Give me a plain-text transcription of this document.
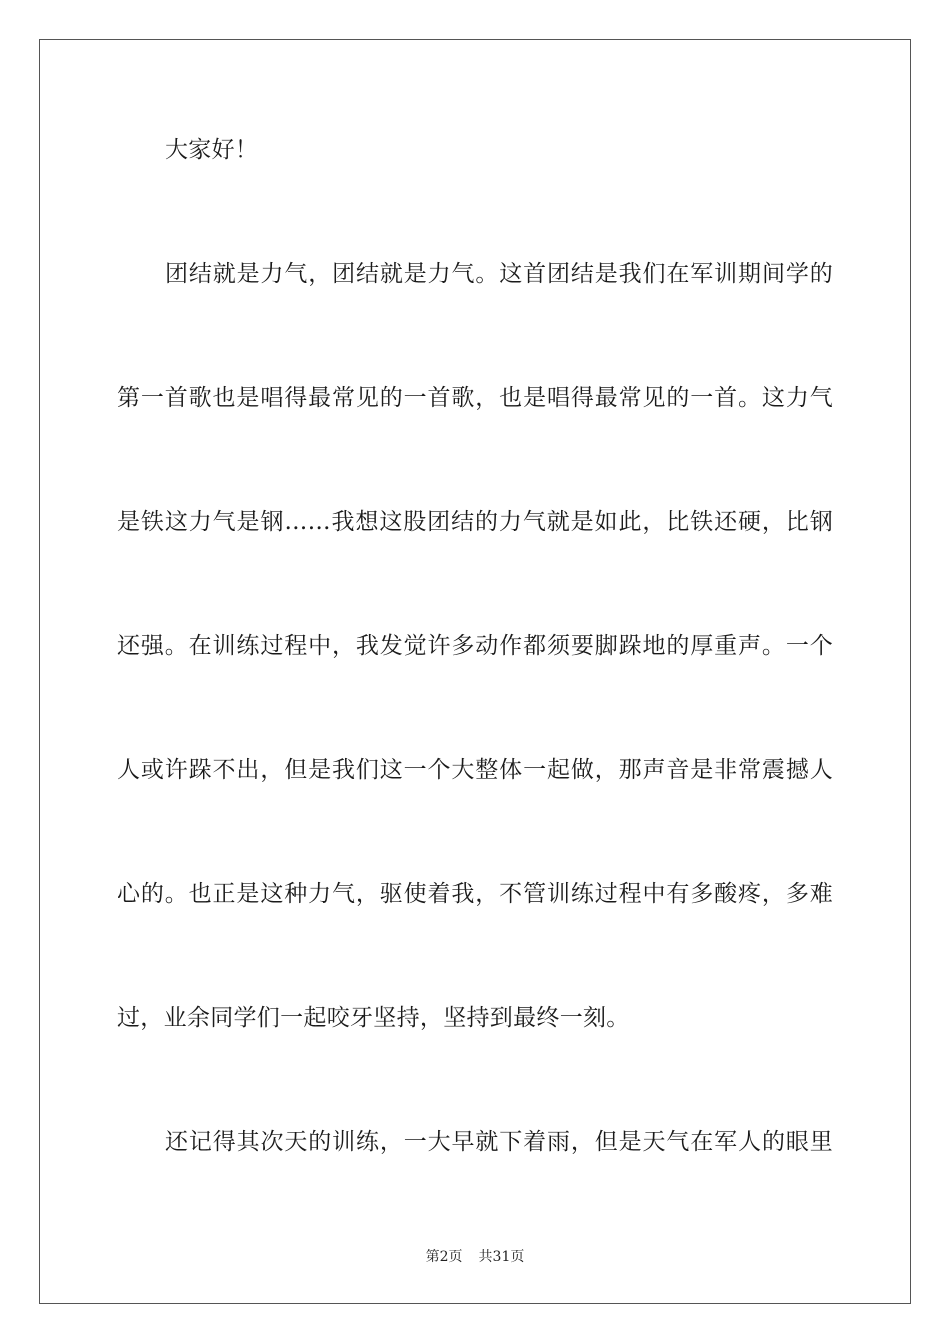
大家好！
团结就是力气，团结就是力气。这首团结是我们在军训期间学的
第一首歌也是唱得最常见的一首歌，也是唱得最常见的一首。这力气
是铁这力气是钢……我想这股团结的力气就是如此，比铁还硬，比钢
还强。在训练过程中，我发觉许多动作都须要脚跺地的厚重声。一个
人或许跺不出，但是我们这一个大整体一起做，那声音是非常震撼人
心的。也正是这种力气，驱使着我，不管训练过程中有多酸疼，多难
过，业余同学们一起咬牙坚持，坚持到最终一刻。
还记得其次天的训练，一大早就下着雨，但是天气在军人的眼里
第2页 共31页
